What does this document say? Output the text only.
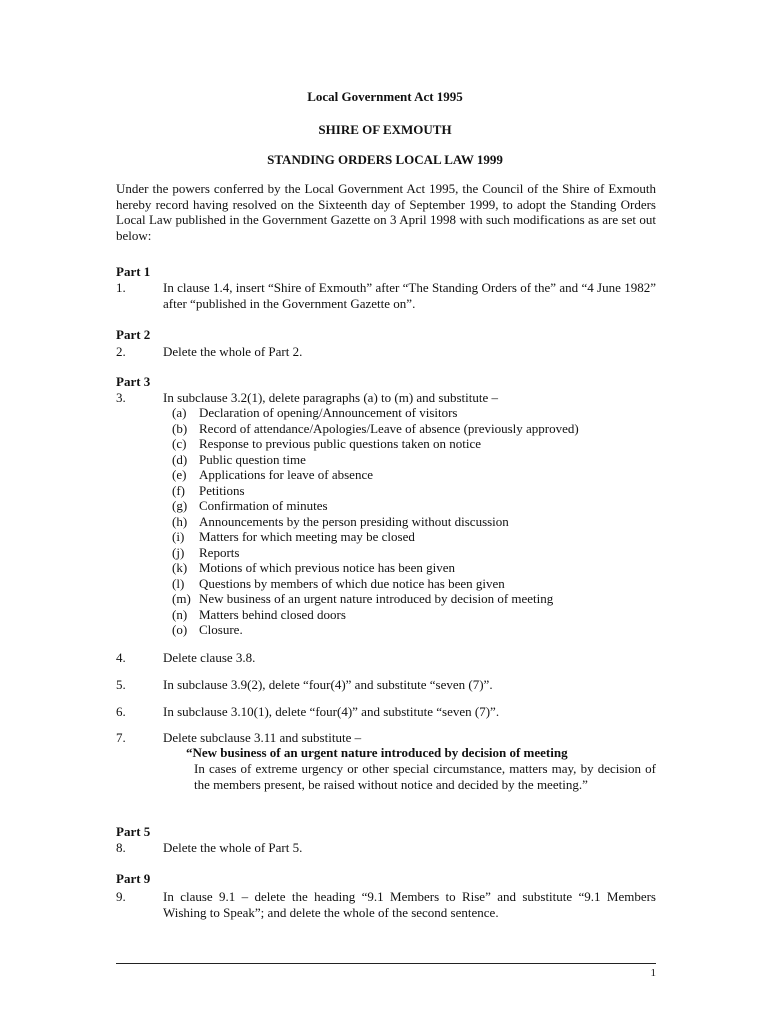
Local Government Act 1995
SHIRE OF EXMOUTH
STANDING ORDERS LOCAL LAW 1999
Under the powers conferred by the Local Government Act 1995, the Council of the Shire of Exmouth hereby record having resolved on the Sixteenth day of September 1999, to adopt the Standing Orders Local Law published in the Government Gazette on 3 April 1998 with such modifications as are set out below:
Part 1
1.	In clause 1.4, insert “Shire of Exmouth” after “The Standing Orders of the” and “4 June 1982” after “published in the Government Gazette on”.
Part 2
2.	Delete the whole of Part 2.
Part 3
3.	In subclause 3.2(1), delete paragraphs (a) to (m) and substitute –
(a) Declaration of opening/Announcement of visitors
(b) Record of attendance/Apologies/Leave of absence (previously approved)
(c) Response to previous public questions taken on notice
(d) Public question time
(e) Applications for leave of absence
(f) Petitions
(g) Confirmation of minutes
(h) Announcements by the person presiding without discussion
(i) Matters for which meeting may be closed
(j) Reports
(k) Motions of which previous notice has been given
(l) Questions by members of which due notice has been given
(m) New business of an urgent nature introduced by decision of meeting
(n) Matters behind closed doors
(o) Closure.
4.	Delete clause 3.8.
5.	In subclause 3.9(2), delete “four(4)” and substitute “seven (7)”.
6.	In subclause 3.10(1), delete “four(4)” and substitute “seven (7)”.
7.	Delete subclause 3.11 and substitute –
“New business of an urgent nature introduced by decision of meeting
In cases of extreme urgency or other special circumstance, matters may, by decision of the members present, be raised without notice and decided by the meeting.”
Part 5
8.	Delete the whole of Part 5.
Part 9
9.	In clause 9.1 – delete the heading “9.1 Members to Rise” and substitute “9.1 Members Wishing to Speak”; and delete the whole of the second sentence.
1
